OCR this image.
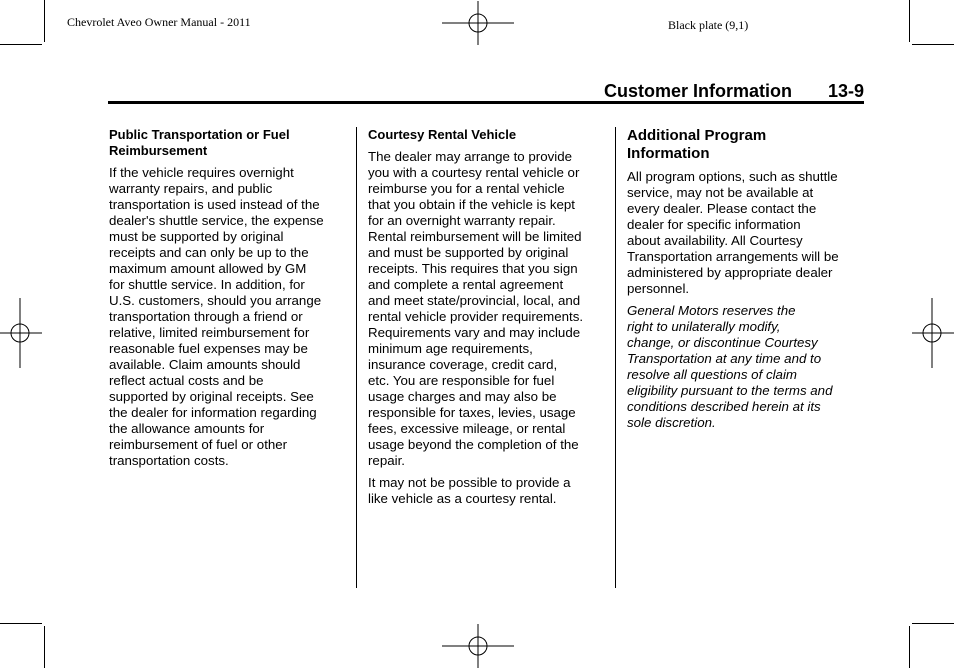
Chevrolet Aveo Owner Manual - 2011	Black plate (9,1)
Customer Information 13-9
Public Transportation or Fuel
Reimbursement

If the vehicle requires overnight
warranty repairs, and public
transportation is used instead of the
dealer's shuttle service, the expense
must be supported by original
receipts and can only be up to the
maximum amount allowed by GM
for shuttle service. In addition, for
U.S. customers, should you arrange
transportation through a friend or
relative, limited reimbursement for
reasonable fuel expenses may be
available. Claim amounts should
reflect actual costs and be
supported by original receipts. See
the dealer for information regarding
the allowance amounts for
reimbursement of fuel or other
transportation costs.

Courtesy Rental Vehicle

The dealer may arrange to provide
you with a courtesy rental vehicle or
reimburse you for a rental vehicle
that you obtain if the vehicle is kept
for an overnight warranty repair.
Rental reimbursement will be limited
and must be supported by original
receipts. This requires that you sign
and complete a rental agreement
and meet state/provincial, local, and
rental vehicle provider requirements.
Requirements vary and may include
minimum age requirements,
insurance coverage, credit card,
etc. You are responsible for fuel
usage charges and may also be
responsible for taxes, levies, usage
fees, excessive mileage, or rental
usage beyond the completion of the
repair.

It may not be possible to provide a
like vehicle as a courtesy rental.

Additional Program
Information

All program options, such as shuttle
service, may not be available at
every dealer. Please contact the
dealer for specific information
about availability. All Courtesy
Transportation arrangements will be
administered by appropriate dealer
personnel.

General Motors reserves the
right to unilaterally modify,
change, or discontinue Courtesy
Transportation at any time and to
resolve all questions of claim
eligibility pursuant to the terms and
conditions described herein at its
sole discretion.
